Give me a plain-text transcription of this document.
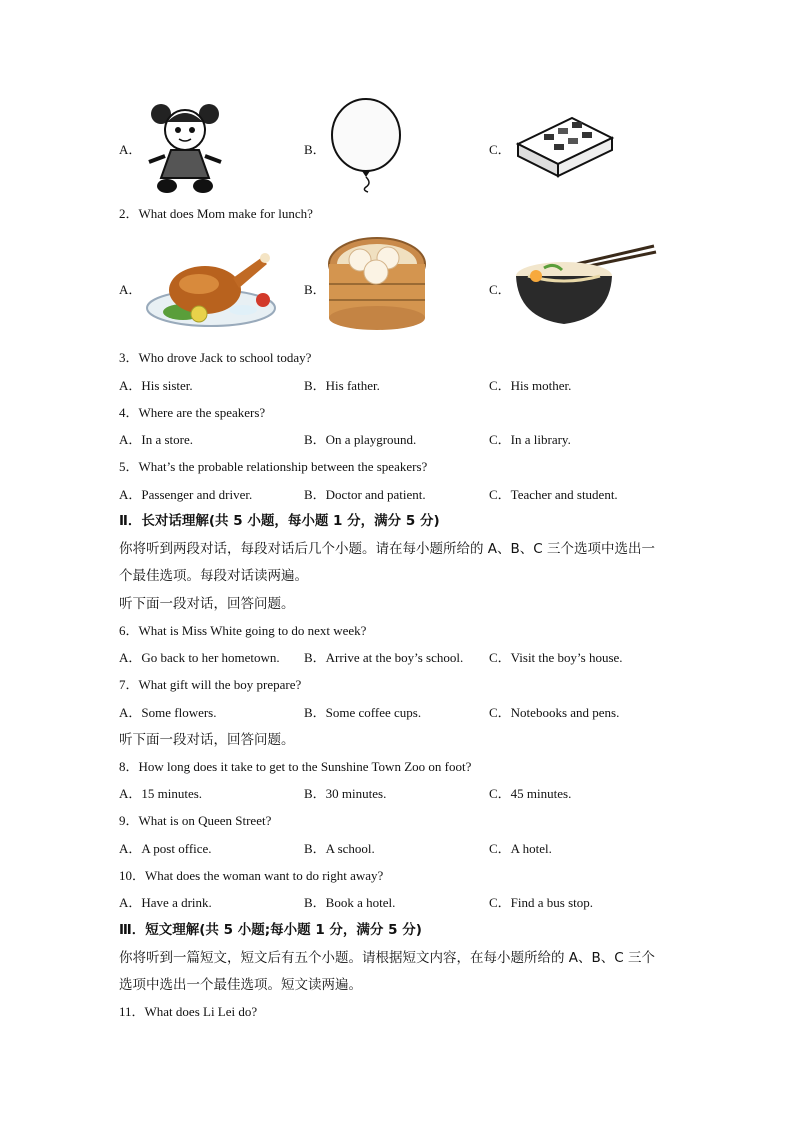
A．	B．	C．
2．What does Mom make for lunch?
A．	B．	C．
3．Who drove Jack to school today?
A．His sister.	B．His father.	C．His mother.
4．Where are the speakers?
A．In a store.	B．On a playground.	C．In a library.
5．What’s the probable relationship between the speakers?
A．Passenger and driver.	B．Doctor and patient.	C．Teacher and student.
Ⅱ．长对话理解(共 5 小题，每小题 1 分，满分 5 分)
你将听到两段对话，每段对话后几个小题。请在每小题所给的 A、B、C 三个选项中选出一
个最佳选项。每段对话读两遍。
听下面一段对话，回答问题。
6．What is Miss White going to do next week?
A．Go back to her hometown. B．Arrive at the boy’s school. C．Visit the boy’s house.
7．What gift will the boy prepare?
A．Some flowers.	B．Some coffee cups.	C．Notebooks and pens.
听下面一段对话，回答问题。
8．How long does it take to get to the Sunshine Town Zoo on foot?
A．15 minutes.	B．30 minutes.	C．45 minutes.
9．What is on Queen Street?
A．A post office.	B．A school.	C．A hotel.
10．What does the woman want to do right away?
A．Have a drink.	B．Book a hotel.	C．Find a bus stop.
Ⅲ．短文理解(共 5 小题;每小题 1 分，满分 5 分)
你将听到一篇短文，短文后有五个小题。请根据短文内容，在每小题所给的 A、B、C 三个
选项中选出一个最佳选项。短文读两遍。
11．What does Li Lei do?
